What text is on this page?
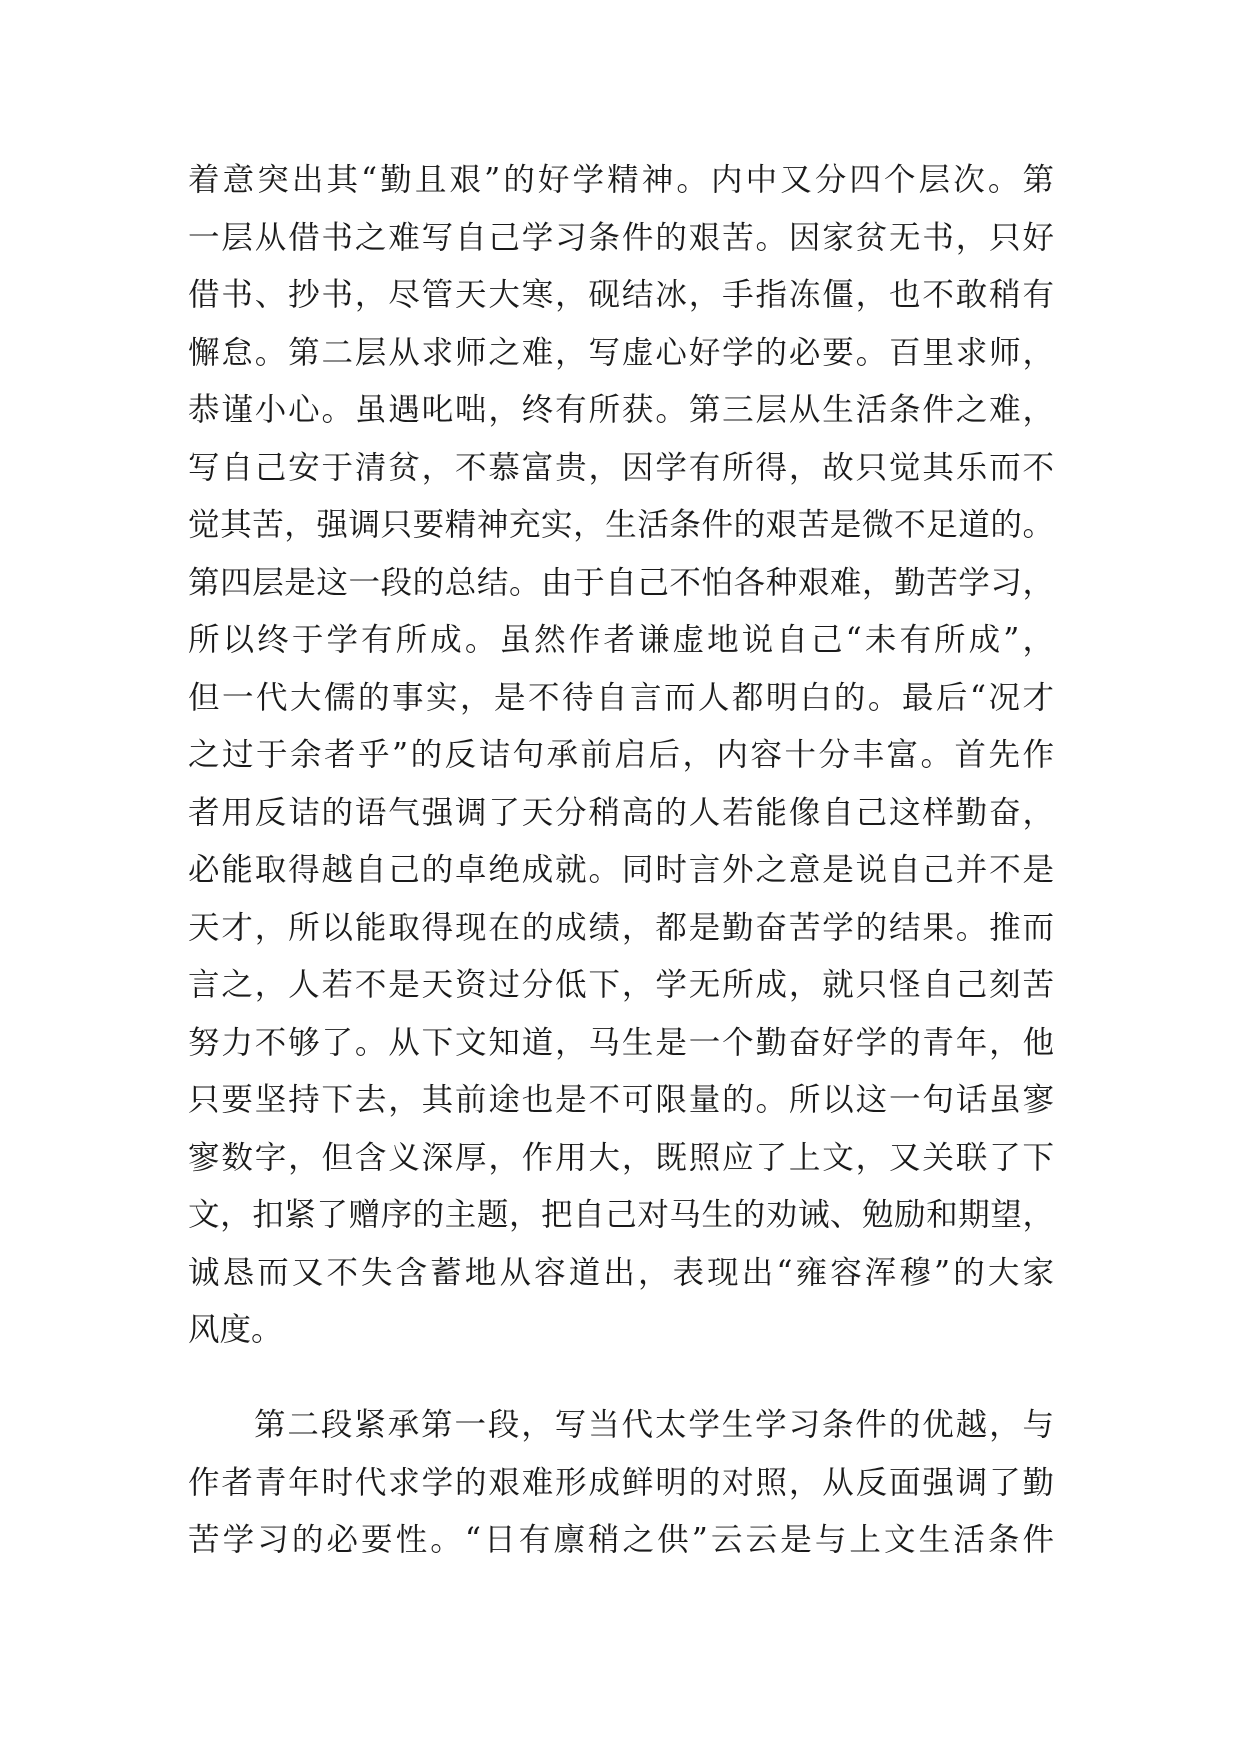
着意突出其“勤且艰”的好学精神。内中又分四个层次。第
一层从借书之难写自己学习条件的艰苦。因家贫无书，只好
借书、抄书，尽管天大寒，砚结冰，手指冻僵，也不敢稍有
懈怠。第二层从求师之难，写虚心好学的必要。百里求师，
恭谨小心。虽遇叱咄，终有所获。第三层从生活条件之难，
写自己安于清贫，不慕富贵，因学有所得，故只觉其乐而不
觉其苦，强调只要精神充实，生活条件的艰苦是微不足道的。
第四层是这一段的总结。由于自己不怕各种艰难，勤苦学习，
所以终于学有所成。虽然作者谦虚地说自己“未有所成”，
但一代大儒的事实，是不待自言而人都明白的。最后“况才
之过于余者乎”的反诘句承前启后，内容十分丰富。首先作
者用反诘的语气强调了天分稍高的人若能像自己这样勤奋，
必能取得越自己的卓绝成就。同时言外之意是说自己并不是
天才，所以能取得现在的成绩，都是勤奋苦学的结果。推而
言之，人若不是天资过分低下，学无所成，就只怪自己刻苦
努力不够了。从下文知道，马生是一个勤奋好学的青年，他
只要坚持下去，其前途也是不可限量的。所以这一句话虽寥
寥数字，但含义深厚，作用大，既照应了上文，又关联了下
文，扣紧了赠序的主题，把自己对马生的劝诫、勉励和期望，
诚恳而又不失含蓄地从容道出，表现出“雍容浑穆”的大家
风度。
第二段紧承第一段，写当代太学生学习条件的优越，与
作者青年时代求学的艰难形成鲜明的对照，从反面强调了勤
苦学习的必要性。“日有廪稍之供”云云是与上文生活条件
